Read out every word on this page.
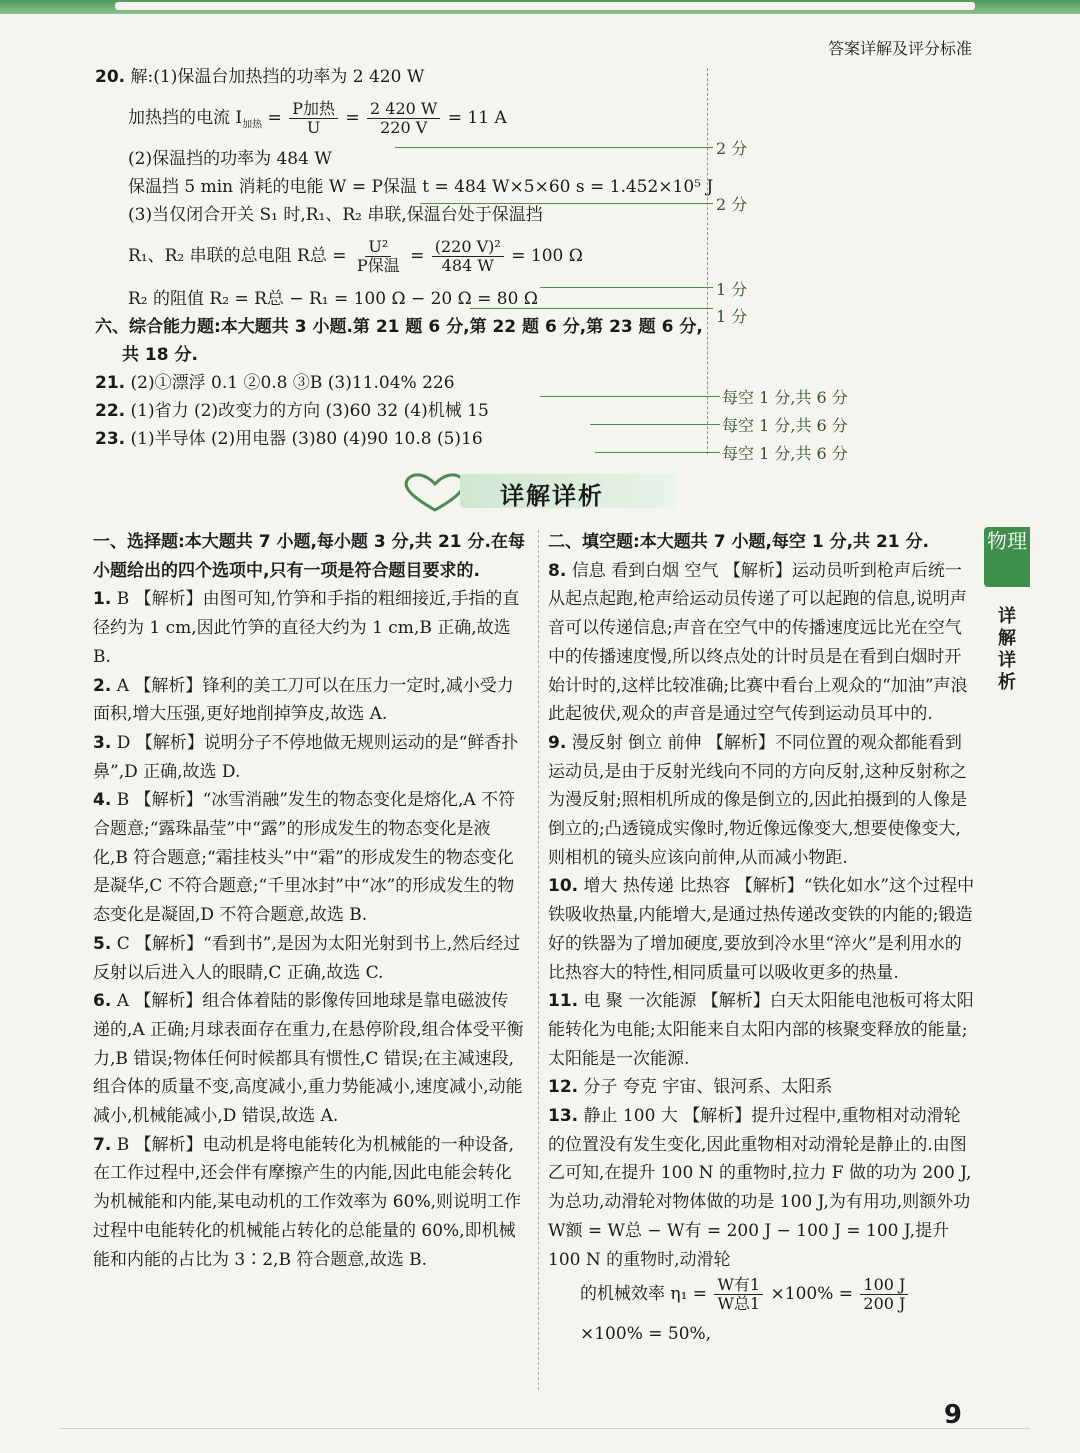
答案详解及评分标准
20. 解:(1)保温台加热挡的功率为 2 420 W
加热挡的电流 $I_{加热} = \frac{\text{P加热}}{U} = \frac{2 420 W}{220 V} = 11$ A
(2)保温挡的功率为 484 W
保温挡 5 min 消耗的电能 W = P保温 t = 484 W×5×60 s = 1.452×10⁵ J
(3)当仅闭合开关 S₁ 时,R₁、R₂ 串联,保温台处于保温挡
R₁、R₂ 串联的总电阻 R总 = $\frac{\text{U²}}{\text{P保温}} = \frac{\text{(220 V)²}}{484 W} = 100$ Ω
R₂ 的阻值 R₂ = R总 − R₁ = 100 Ω − 20 Ω = 80 Ω
六、综合能力题:本大题共 3 小题.第 21 题 6 分,第 22 题 6 分,第 23 题 6 分,
共 18 分.
21. (2)①漂浮 0.1 ②0.8 ③B (3)11.04% 226
22. (1)省力 (2)改变力的方向 (3)60 32 (4)机械 15
23. (1)半导体 (2)用电器 (3)80 (4)90 10.8 (5)16
2 分
2 分
1 分
1 分
每空 1 分,共 6 分
每空 1 分,共 6 分
每空 1 分,共 6 分
详解详析
物理
详解详析

一、选择题:本大题共 7 小题,每小题 3 分,共 21 分.在每小题给出的四个选项中,只有一项是符合题目要求的.

1. B 【解析】由图可知,竹笋和手指的粗细接近,手指的直径约为 1 cm,因此竹笋的直径大约为 1 cm,B 正确,故选 B.

2. A 【解析】锋利的美工刀可以在压力一定时,减小受力面积,增大压强,更好地削掉笋皮,故选 A.

3. D 【解析】说明分子不停地做无规则运动的是“鲜香扑鼻”,D 正确,故选 D.

4. B 【解析】“冰雪消融”发生的物态变化是熔化,A 不符合题意;“露珠晶莹”中“露”的形成发生的物态变化是液化,B 符合题意;“霜挂枝头”中“霜”的形成发生的物态变化是凝华,C 不符合题意;“千里冰封”中“冰”的形成发生的物态变化是凝固,D 不符合题意,故选 B.

5. C 【解析】“看到书”,是因为太阳光射到书上,然后经过反射以后进入人的眼睛,C 正确,故选 C.

6. A 【解析】组合体着陆的影像传回地球是靠电磁波传递的,A 正确;月球表面存在重力,在悬停阶段,组合体受平衡力,B 错误;物体任何时候都具有惯性,C 错误;在主减速段,组合体的质量不变,高度减小,重力势能减小,速度减小,动能减小,机械能减小,D 错误,故选 A.

7. B 【解析】电动机是将电能转化为机械能的一种设备,在工作过程中,还会伴有摩擦产生的内能,因此电能会转化为机械能和内能,某电动机的工作效率为 60%,则说明工作过程中电能转化的机械能占转化的总能量的 60%,即机械能和内能的占比为 3∶2,B 符合题意,故选 B.

二、填空题:本大题共 7 小题,每空 1 分,共 21 分.

8. 信息 看到白烟 空气 【解析】运动员听到枪声后统一从起点起跑,枪声给运动员传递了可以起跑的信息,说明声音可以传递信息;声音在空气中的传播速度远比光在空气中的传播速度慢,所以终点处的计时员是在看到白烟时开始计时的,这样比较准确;比赛中看台上观众的“加油”声浪此起彼伏,观众的声音是通过空气传到运动员耳中的.

9. 漫反射 倒立 前伸 【解析】不同位置的观众都能看到运动员,是由于反射光线向不同的方向反射,这种反射称之为漫反射;照相机所成的像是倒立的,因此拍摄到的人像是倒立的;凸透镜成实像时,物近像远像变大,想要使像变大,则相机的镜头应该向前伸,从而减小物距.

10. 增大 热传递 比热容 【解析】“铁化如水”这个过程中铁吸收热量,内能增大,是通过热传递改变铁的内能的;锻造好的铁器为了增加硬度,要放到冷水里“淬火”是利用水的比热容大的特性,相同质量可以吸收更多的热量.

11. 电 聚 一次能源 【解析】白天太阳能电池板可将太阳能转化为电能;太阳能来自太阳内部的核聚变释放的能量;太阳能是一次能源.

12. 分子 夸克 宇宙、银河系、太阳系

13. 静止 100 大 【解析】提升过程中,重物相对动滑轮的位置没有发生变化,因此重物相对动滑轮是静止的.由图乙可知,在提升 100 N 的重物时,拉力 F 做的功为 200 J,为总功,动滑轮对物体做的功是 100 J,为有用功,则额外功 W额 = W总 − W有 = 200 J − 100 J = 100 J,提升 100 N 的重物时,动滑轮

的机械效率 $\eta_1 = \frac{\text{W有1}}{\text{W总1}} \times 100\% = \frac{100 J}{200 J}$
×100% = 50%,

9
